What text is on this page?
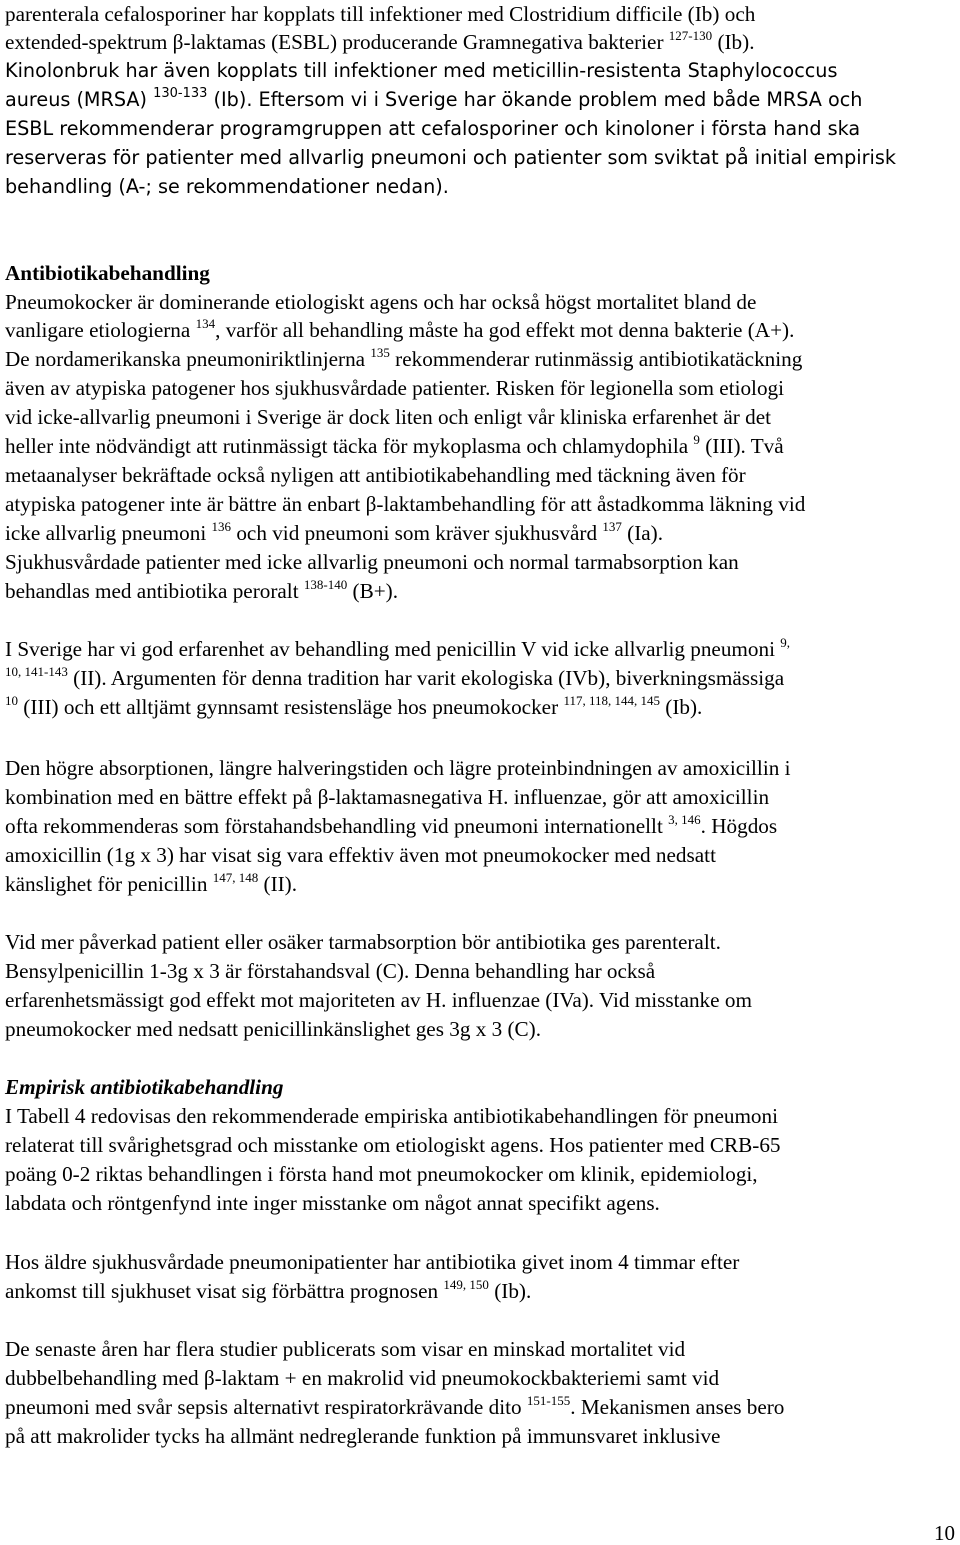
parenterala cefalosporiner har kopplats till infektioner med Clostridium difficile (Ib) och
extended-spektrum β-laktamas (ESBL) producerande Gramnegativa bakterier $^{127-130}$ (Ib).
Kinolonbruk har även kopplats till infektioner med meticillin-resistenta Staphylococcus
aureus (MRSA) $^{130-133}$ (Ib). Eftersom vi i Sverige har ökande problem med både MRSA och
ESBL rekommenderar programgruppen att cefalosporiner och kinoloner i första hand ska
reserveras för patienter med allvarlig pneumoni och patienter som sviktat på initial empirisk
behandling (A-; se rekommendationer nedan).
Antibiotikabehandling
Pneumokocker är dominerande etiologiskt agens och har också högst mortalitet bland de
vanligare etiologierna $^{134}$, varför all behandling måste ha god effekt mot denna bakterie (A+).
De nordamerikanska pneumoniriktlinjerna $^{135}$ rekommenderar rutinmässig antibiotikatäckning
även av atypiska patogener hos sjukhusvårdade patienter. Risken för legionella som etiologi
vid icke-allvarlig pneumoni i Sverige är dock liten och enligt vår kliniska erfarenhet är det
heller inte nödvändigt att rutinmässigt täcka för mykoplasma och chlamydophila $^9$ (III). Två
metaanalyser bekräftade också nyligen att antibiotikabehandling med täckning även för
atypiska patogener inte är bättre än enbart β-laktambehandling för att åstadkomma läkning vid
icke allvarlig pneumoni $^{136}$ och vid pneumoni som kräver sjukhusvård $^{137}$ (Ia).
Sjukhusvårdade patienter med icke allvarlig pneumoni och normal tarmabsorption kan
behandlas med antibiotika peroralt $^{138-140}$ (B+).
I Sverige har vi god erfarenhet av behandling med penicillin V vid icke allvarlig pneumoni $^{9,}$
$^{10, 141-143}$ (II). Argumenten för denna tradition har varit ekologiska (IVb), biverkningsmässiga
$^{10}$ (III) och ett alltjämt gynnsamt resistensläge hos pneumokocker $^{117, 118, 144, 145}$ (Ib).
Den högre absorptionen, längre halveringstiden och lägre proteinbindningen av amoxicillin i
kombination med en bättre effekt på β-laktamasnegativa H. influenzae, gör att amoxicillin
ofta rekommenderas som förstahandsbehandling vid pneumoni internationellt $^{3, 146}$. Högdos
amoxicillin (1g x 3) har visat sig vara effektiv även mot pneumokocker med nedsatt
känslighet för penicillin $^{147, 148}$ (II).
Vid mer påverkad patient eller osäker tarmabsorption bör antibiotika ges parenteralt.
Bensylpenicillin 1-3g x 3 är förstahandsval (C). Denna behandling har också
erfarenhetsmässigt god effekt mot majoriteten av H. influenzae (IVa). Vid misstanke om
pneumokocker med nedsatt penicillinkänslighet ges 3g x 3 (C).
Empirisk antibiotikabehandling
I Tabell 4 redovisas den rekommenderade empiriska antibiotikabehandlingen för pneumoni
relaterat till svårighetsgrad och misstanke om etiologiskt agens. Hos patienter med CRB-65
poäng 0-2 riktas behandlingen i första hand mot pneumokocker om klinik, epidemiologi,
labdata och röntgenfynd inte inger misstanke om något annat specifikt agens.
Hos äldre sjukhusvårdade pneumonipatienter har antibiotika givet inom 4 timmar efter
ankomst till sjukhuset visat sig förbättra prognosen $^{149, 150}$ (Ib).
De senaste åren har flera studier publicerats som visar en minskad mortalitet vid
dubbelbehandling med β-laktam + en makrolid vid pneumokockbakteriemi samt vid
pneumoni med svår sepsis alternativt respiratorkrävande dito $^{151-155}$. Mekanismen anses bero
på att makrolider tycks ha allmänt nedreglerande funktion på immunsvaret inklusive
10
